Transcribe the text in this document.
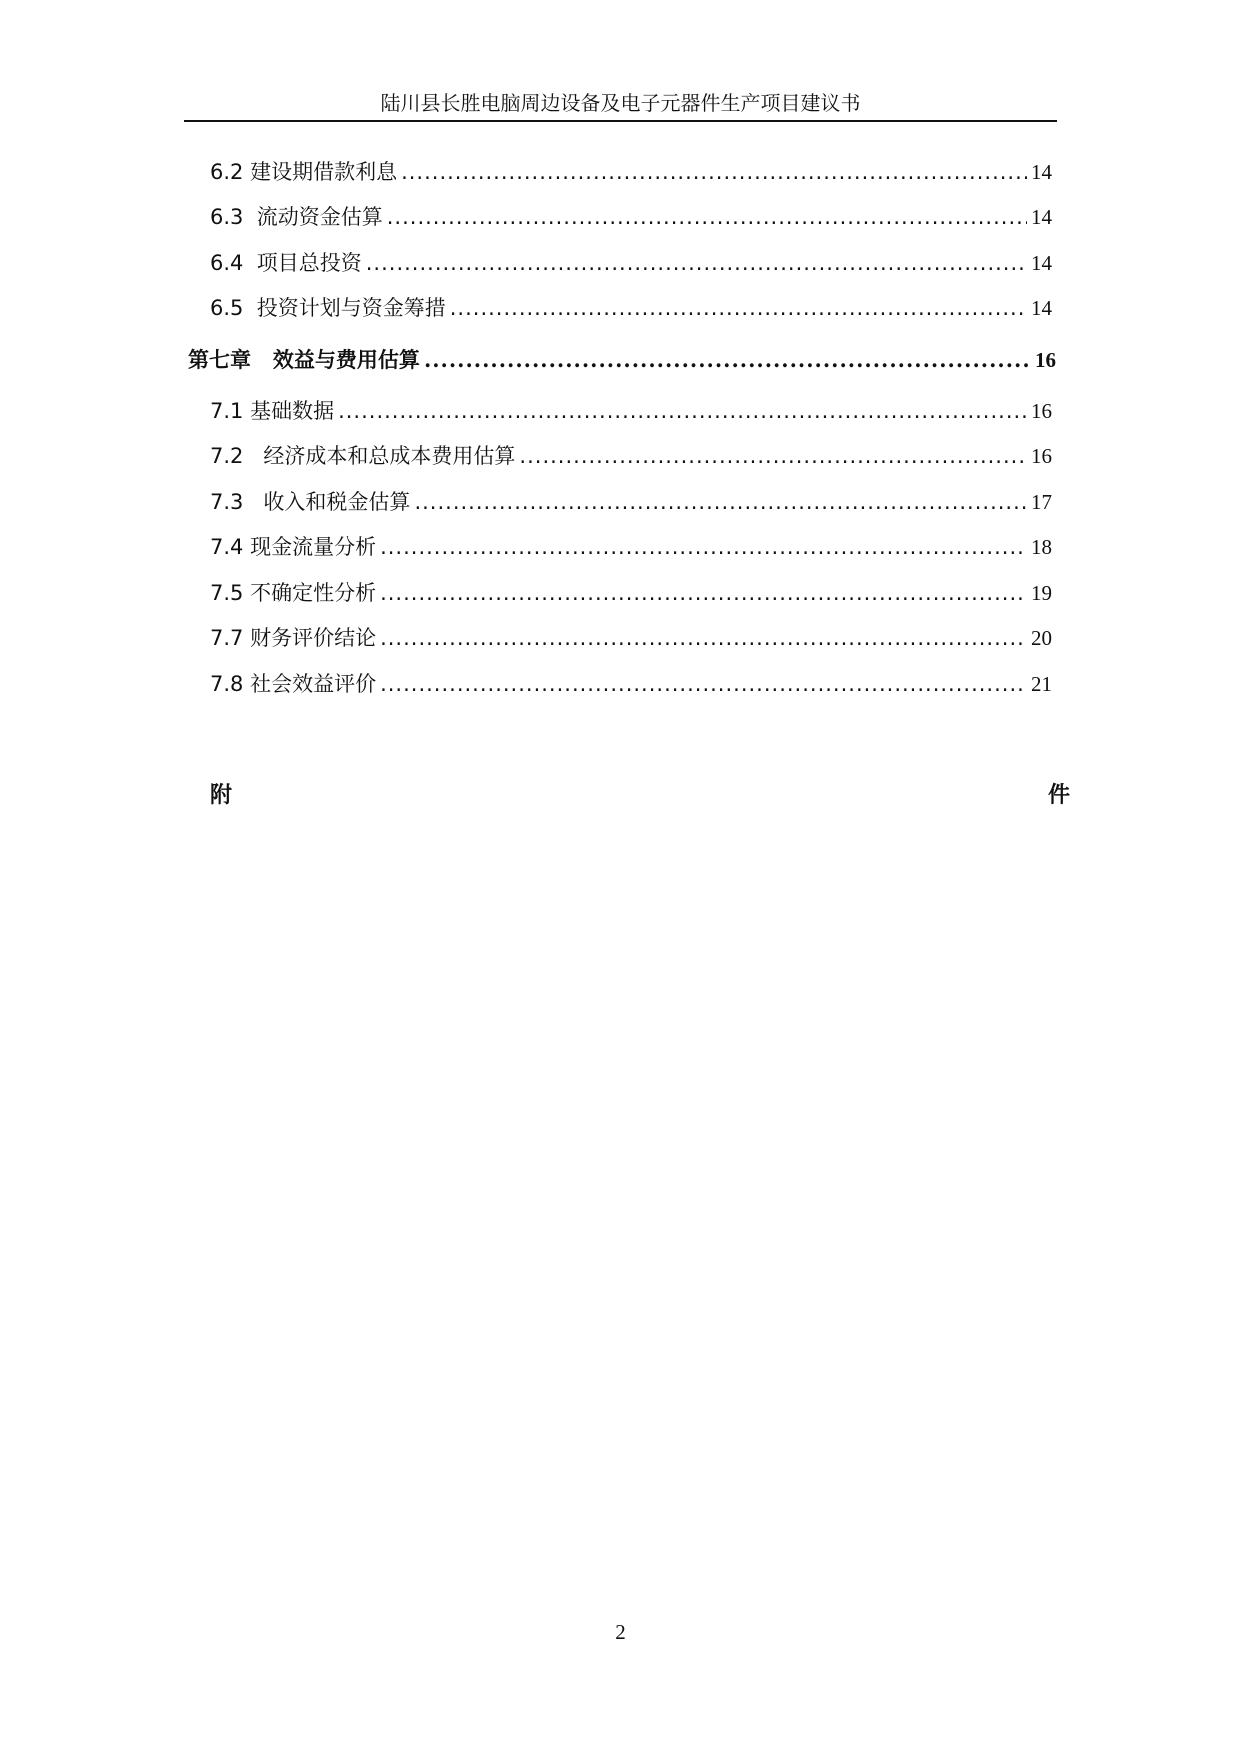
陆川县长胜电脑周边设备及电子元器件生产项目建议书
6.2 建设期借款利息 .....	14
6.3  流动资金估算 .....	14
6.4  项目总投资 .....	14
6.5  投资计划与资金筹措 .....	14
第七章   效益与费用估算 .....	16
7.1 基础数据 .....	16
7.2   经济成本和总成本费用估算 .....	16
7.3   收入和税金估算 .....	17
7.4 现金流量分析 .....	18
7.5 不确定性分析 .....	19
7.7 财务评价结论 .....	20
7.8 社会效益评价 .....	21
附	件
2
